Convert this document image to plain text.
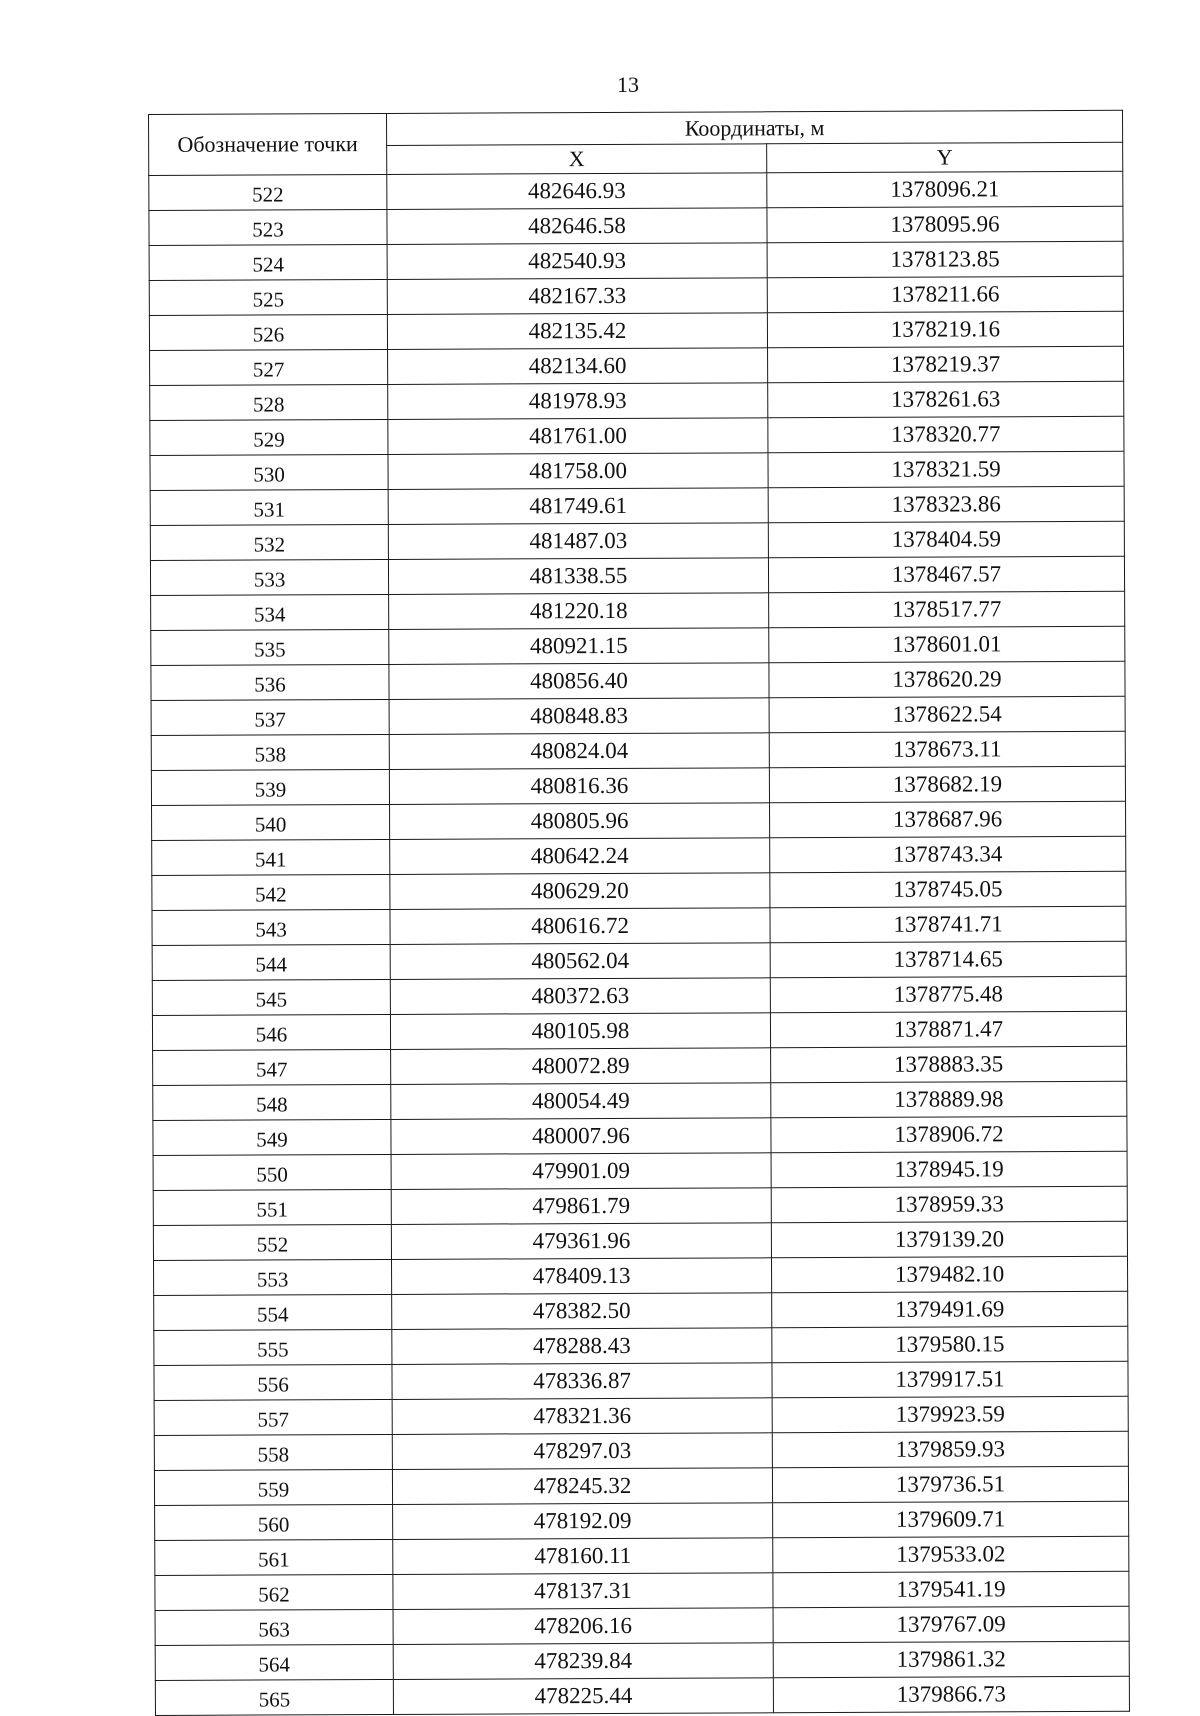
13
Обозначение точки	Координаты, м	
	X	Y
522	482646.93	1378096.21
523	482646.58	1378095.96
524	482540.93	1378123.85
525	482167.33	1378211.66
526	482135.42	1378219.16
527	482134.60	1378219.37
528	481978.93	1378261.63
529	481761.00	1378320.77
530	481758.00	1378321.59
531	481749.61	1378323.86
532	481487.03	1378404.59
533	481338.55	1378467.57
534	481220.18	1378517.77
535	480921.15	1378601.01
536	480856.40	1378620.29
537	480848.83	1378622.54
538	480824.04	1378673.11
539	480816.36	1378682.19
540	480805.96	1378687.96
541	480642.24	1378743.34
542	480629.20	1378745.05
543	480616.72	1378741.71
544	480562.04	1378714.65
545	480372.63	1378775.48
546	480105.98	1378871.47
547	480072.89	1378883.35
548	480054.49	1378889.98
549	480007.96	1378906.72
550	479901.09	1378945.19
551	479861.79	1378959.33
552	479361.96	1379139.20
553	478409.13	1379482.10
554	478382.50	1379491.69
555	478288.43	1379580.15
556	478336.87	1379917.51
557	478321.36	1379923.59
558	478297.03	1379859.93
559	478245.32	1379736.51
560	478192.09	1379609.71
561	478160.11	1379533.02
562	478137.31	1379541.19
563	478206.16	1379767.09
564	478239.84	1379861.32
565	478225.44	1379866.73
